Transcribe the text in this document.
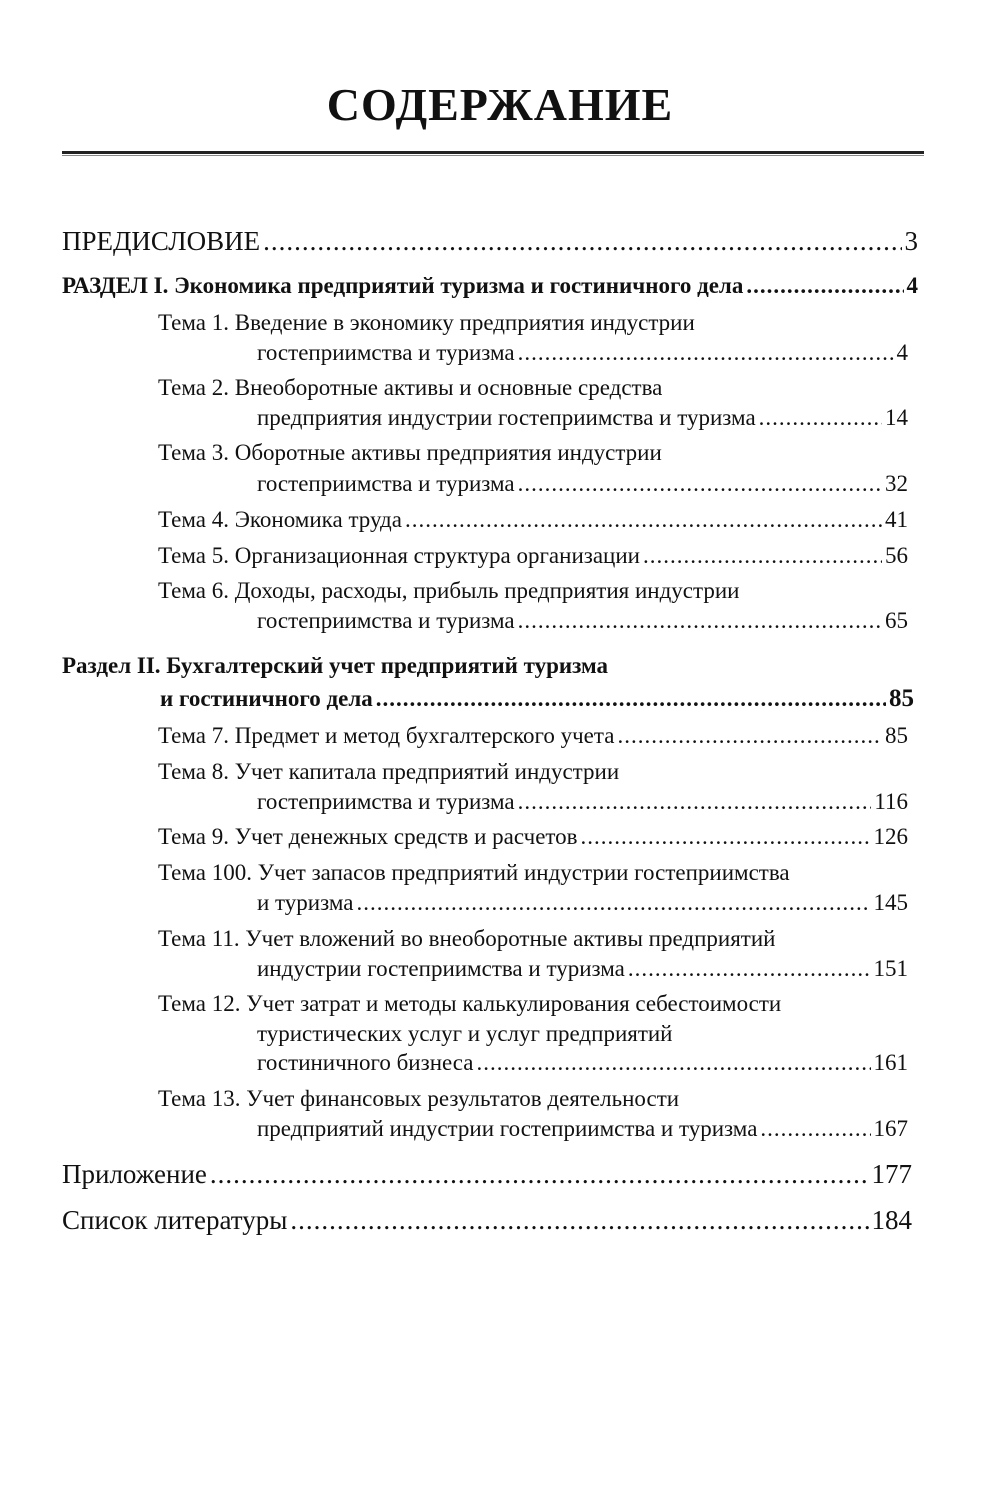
СОДЕРЖАНИЕ
ПРЕДИСЛОВИЕ .....	3
РАЗДЕЛ I. Экономика предприятий туризма и гостиничного дела .....	4
Тема 1. Введение в экономику предприятия индустрии
гостеприимства и туризма .....	4
Тема 2. Внеоборотные активы и основные средства
предприятия индустрии гостеприимства и туризма .....	14
Тема 3. Оборотные активы предприятия индустрии
гостеприимства и туризма .....	32
Тема 4. Экономика труда .....	41
Тема 5. Организационная структура организации .....	56
Тема 6. Доходы, расходы, прибыль предприятия индустрии
гостеприимства и туризма .....	65
Раздел II. Бухгалтерский учет предприятий туризма
и гостиничного дела .....	85
Тема 7. Предмет и метод бухгалтерского учета .....	85
Тема 8. Учет капитала предприятий индустрии
гостеприимства и туризма .....	116
Тема 9. Учет денежных средств и расчетов .....	126
Тема 100. Учет запасов предприятий индустрии гостеприимства
и туризма .....	145
Тема 11. Учет вложений во внеоборотные активы предприятий
индустрии гостеприимства и туризма .....	151
Тема 12. Учет затрат и методы калькулирования себестоимости
туристических услуг и услуг предприятий
гостиничного бизнеса .....	161
Тема 13. Учет финансовых результатов деятельности
предприятий индустрии гостеприимства и туризма .....	167
Приложение .....	177
Список литературы .....	184
